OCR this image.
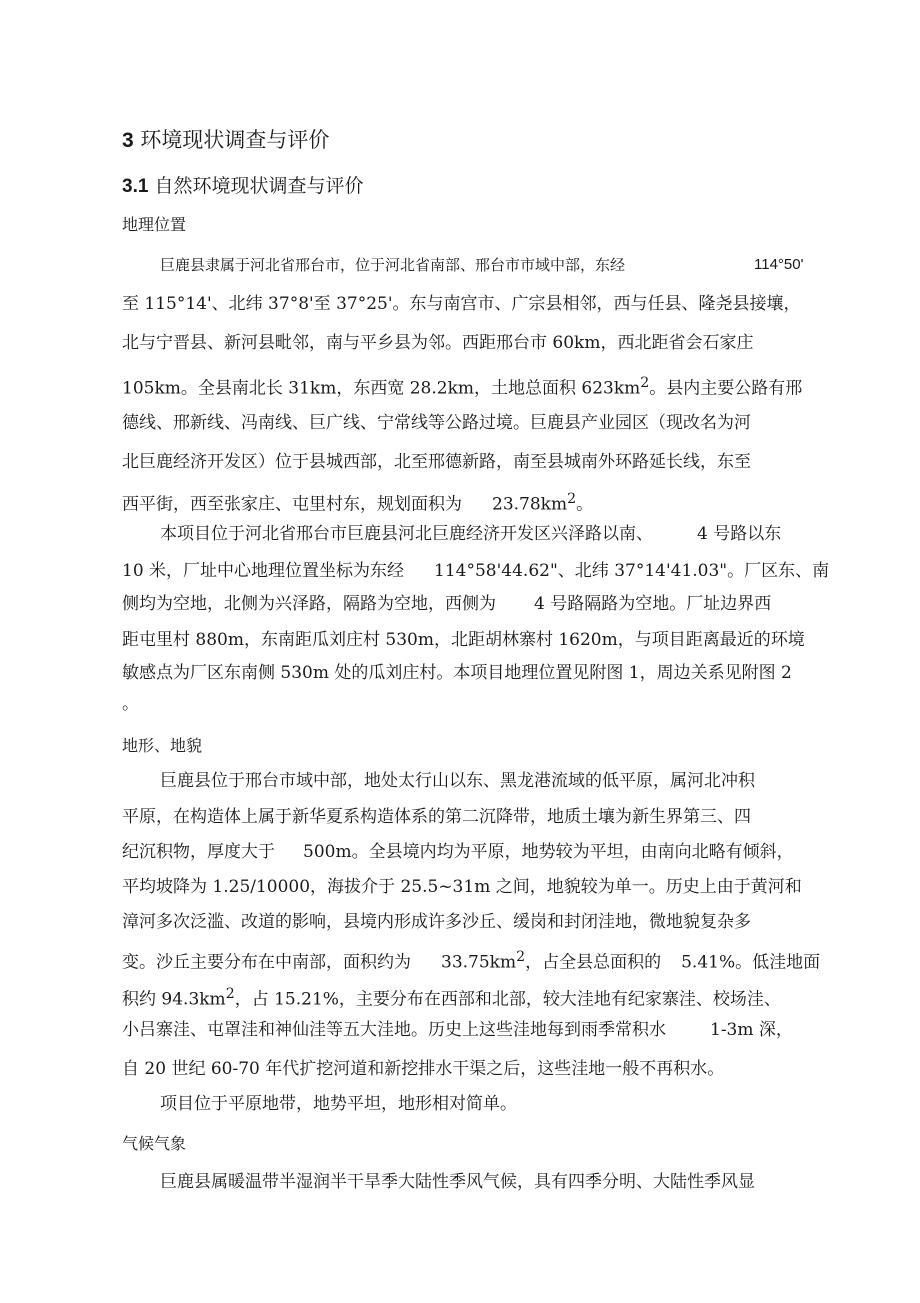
3 环境现状调查与评价
3.1 自然环境现状调查与评价
地理位置
巨鹿县隶属于河北省邢台市，位于河北省南部、邢台市市域中部，东经	114°50'
至 115°14'、北纬 37°8'至 37°25'。东与南宫市、广宗县相邻，西与任县、隆尧县接壤，
北与宁晋县、新河县毗邻，南与平乡县为邻。西距邢台市 60km，西北距省会石家庄
105km。全县南北长 31km，东西宽 28.2km，土地总面积 $623km^2$。县内主要公路有邢
德线、邢新线、冯南线、巨广线、宁常线等公路过境。巨鹿县产业园区（现改名为河
北巨鹿经济开发区）位于县城西部，北至邢德新路，南至县城南外环路延长线，东至
西平街，西至张家庄、屯里村东，规划面积为 $23.78km^2$。
本项目位于河北省邢台市巨鹿县河北巨鹿经济开发区兴泽路以南、	4 号路以东
10 米，厂址中心地理位置坐标为东经 114°58'44.62"、北纬 37°14'41.03"。厂区东、南
侧均为空地，北侧为兴泽路，隔路为空地，西侧为 4 号路隔路为空地。厂址边界西
距屯里村 880m，东南距瓜刘庄村 530m，北距胡林寨村 1620m，与项目距离最近的环境
敏感点为厂区东南侧 530m 处的瓜刘庄村。本项目地理位置见附图 1，周边关系见附图 2
。
地形、地貌
巨鹿县位于邢台市域中部，地处太行山以东、黑龙港流域的低平原，属河北冲积
平原，在构造体上属于新华夏系构造体系的第二沉降带，地质土壤为新生界第三、四
纪沉积物，厚度大于 500m。全县境内均为平原，地势较为平坦，由南向北略有倾斜，
平均坡降为 1.25/10000，海拔介于 25.5~31m 之间，地貌较为单一。历史上由于黄河和
漳河多次泛滥、改道的影响，县境内形成许多沙丘、缓岗和封闭洼地，微地貌复杂多
变。沙丘主要分布在中南部，面积约为 $33.75km^2$，占全县总面积的 5.41%。低洼地面
积约 $94.3km^2$，占 15.21%，主要分布在西部和北部，较大洼地有纪家寨洼、校场洼、
小吕寨洼、屯罩洼和神仙洼等五大洼地。历史上这些洼地每到雨季常积水	1-3m 深，
自 20 世纪 60-70 年代扩挖河道和新挖排水干渠之后，这些洼地一般不再积水。
项目位于平原地带，地势平坦，地形相对简单。
气候气象
巨鹿县属暖温带半湿润半干旱季大陆性季风气候，具有四季分明、大陆性季风显
